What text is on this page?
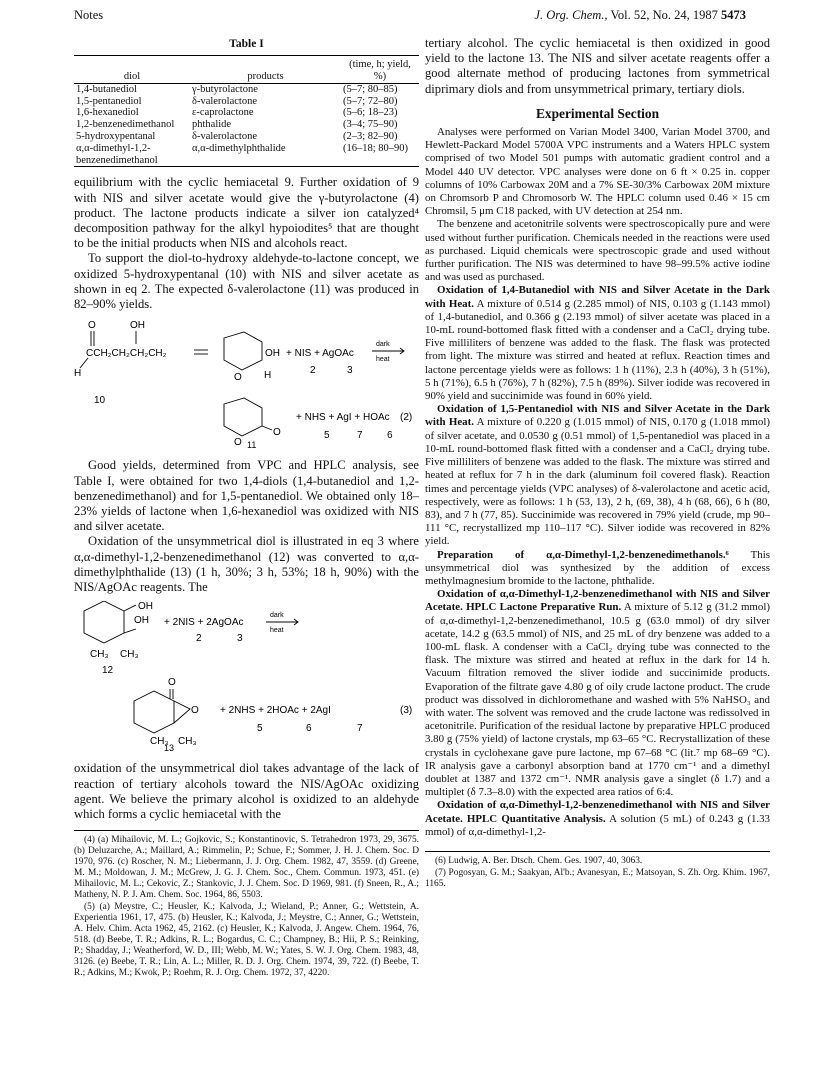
Notes	J. Org. Chem., Vol. 52, No. 24, 1987 5473
Table I
diol	products	(time, h; yield, %)
1,4-butanediol	γ-butyrolactone	(5–7; 80–85)
1,5-pentanediol	δ-valerolactone	(5–7; 72–80)
1,6-hexanediol	ε-caprolactone	(5–6; 18–23)
1,2-benzenedimethanol	phthalide	(3–4; 75–90)
5-hydroxypentanal	δ-valerolactone	(2–3; 82–90)
α,α-dimethyl-1,2-benzenedimethanol	α,α-dimethylphthalide	(16–18; 80–90)

equilibrium with the cyclic hemiacetal 9. Further oxidation of 9 with NIS and silver acetate would give the γ-butyrolactone (4) product. The lactone products indicate a silver ion catalyzed⁴ decomposition pathway for the alkyl hypoiodites⁵ that are thought to be the initial products when NIS and alcohols react.

To support the diol-to-hydroxy aldehyde-to-lactone concept, we oxidized 5-hydroxypentanal (10) with NIS and silver acetate as shown in eq 2. The expected δ-valerolactone (11) was produced in 82–90% yields.

O	OH
CCH₂CH₂CH₂CH₂
H
10
O
OH
H
+ NIS + AgOAc
2	3
dark
heat
O
O
+ NHS + AgI + HOAc (2)
5	7 6
11

Good yields, determined from VPC and HPLC analysis, see Table I, were obtained for two 1,4-diols (1,4-butanediol and 1,2-benzenedimethanol) and for 1,5-pentanediol. We obtained only 18–23% yields of lactone when 1,6-hexanediol was oxidized with NIS and silver acetate.

Oxidation of the unsymmetrical diol is illustrated in eq 3 where α,α-dimethyl-1,2-benzenedimethanol (12) was converted to α,α-dimethylphthalide (13) (1 h, 30%; 3 h, 53%; 18 h, 90%) with the NIS/AgOAc reagents. The

OH
OH
CH₃ CH₃
12
+ 2NIS + 2AgOAc
2	3
dark
heat
O
O
CH₃ CH₃
+ 2NHS + 2HOAc + 2AgI	(3)
5	6	7
13

oxidation of the unsymmetrical diol takes advantage of the lack of reaction of tertiary alcohols toward the NIS/AgOAc oxidizing agent. We believe the primary alcohol is oxidized to an aldehyde which forms a cyclic hemiacetal with the

(4) (a) Mihailovic, M. L.; Gojkovic, S.; Konstantinovic, S. Tetrahedron 1973, 29, 3675. (b) Deluzarche, A.; Maillard, A.; Rimmelin, P.; Schue, F.; Sommer, J. H. J. Chem. Soc. D 1970, 976. (c) Roscher, N. M.; Liebermann, J. J. Org. Chem. 1982, 47, 3559. (d) Greene, M. M.; Moldowan, J. M.; McGrew, J. G. J. Chem. Soc., Chem. Commun. 1973, 451. (e) Mihailovic, M. L.; Cekovic, Z.; Stankovic, J. J. Chem. Soc. D 1969, 981. (f) Sneen, R., A.; Matheny, N. P. J. Am. Chem. Soc. 1964, 86, 5503.

(5) (a) Meystre, C.; Heusler, K.; Kalvoda, J.; Wieland, P.; Anner, G.; Wettstein, A. Experientia 1961, 17, 475. (b) Heusler, K.; Kalvoda, J.; Meystre, C.; Anner, G.; Wettstein, A. Helv. Chim. Acta 1962, 45, 2162. (c) Heusler, K.; Kalvoda, J. Angew. Chem. 1964, 76, 518. (d) Beebe, T. R.; Adkins, R. L.; Bogardus, C. C.; Champney, B.; Hii, P. S.; Reinking, P.; Shadday, J.; Weatherford, W. D., III; Webb, M. W.; Yates, S. W. J. Org. Chem. 1983, 48, 3126. (e) Beebe, T. R.; Lin, A. L.; Miller, R. D. J. Org. Chem. 1974, 39, 722. (f) Beebe, T. R.; Adkins, M.; Kwok, P.; Roehm, R. J. Org. Chem. 1972, 37, 4220.

tertiary alcohol. The cyclic hemiacetal is then oxidized in good yield to the lactone 13. The NIS and silver acetate reagents offer a good alternate method of producing lactones from symmetrical diprimary diols and from unsymmetrical primary, tertiary diols.

Experimental Section

Analyses were performed on Varian Model 3400, Varian Model 3700, and Hewlett-Packard Model 5700A VPC instruments and a Waters HPLC system comprised of two Model 501 pumps with automatic gradient control and a Model 440 UV detector. VPC analyses were done on 6 ft × 0.25 in. copper columns of 10% Carbowax 20M and a 7% SE-30/3% Carbowax 20M mixture on Chromsorb P and Chromosorb W. The HPLC column used 0.46 × 15 cm Chromsil, 5 μm C18 packed, with UV detection at 254 nm.

The benzene and acetonitrile solvents were spectroscopically pure and were used without further purification. Chemicals needed in the reactions were used as purchased. Liquid chemicals were spectroscopic grade and used without further purification. The NIS was determined to have 98–99.5% active iodine and was used as purchased.

Oxidation of 1,4-Butanediol with NIS and Silver Acetate in the Dark with Heat. A mixture of 0.514 g (2.285 mmol) of NIS, 0.103 g (1.143 mmol) of 1,4-butanediol, and 0.366 g (2.193 mmol) of silver acetate was placed in a 10-mL round-bottomed flask fitted with a condenser and a CaCl₂ drying tube. Five milliliters of benzene was added to the flask. The flask was protected from light. The mixture was stirred and heated at reflux. Reaction times and lactone percentage yields were as follows: 1 h (11%), 2.3 h (40%), 3 h (51%), 5 h (71%), 6.5 h (76%), 7 h (82%), 7.5 h (89%). Silver iodide was recovered in 90% yield and succinimide was found in 60% yield.

Oxidation of 1,5-Pentanediol with NIS and Silver Acetate in the Dark with Heat. A mixture of 0.220 g (1.015 mmol) of NIS, 0.170 g (1.018 mmol) of silver acetate, and 0.0530 g (0.51 mmol) of 1,5-pentanediol was placed in a 10-mL round-bottomed flask fitted with a condenser and a CaCl₂ drying tube. Five milliliters of benzene was added to the flask. The mixture was stirred and heated at reflux for 7 h in the dark (aluminum foil covered flask). Reaction times and percentage yields (VPC analyses) of δ-valerolactone and acetic acid, respectively, were as follows: 1 h (53, 13), 2 h, (69, 38), 4 h (68, 66), 6 h (80, 83), and 7 h (77, 85). Succinimide was recovered in 79% yield (crude, mp 90–111 °C, recrystallized mp 110–117 °C). Silver iodide was recovered in 82% yield.

Preparation of α,α-Dimethyl-1,2-benzenedimethanols.⁶ This unsymmetrical diol was synthesized by the addition of excess methylmagnesium bromide to the lactone, phthalide.

Oxidation of α,α-Dimethyl-1,2-benzenedimethanol with NIS and Silver Acetate. HPLC Lactone Preparative Run. A mixture of 5.12 g (31.2 mmol) of α,α-dimethyl-1,2-benzenedimethanol, 10.5 g (63.0 mmol) of dry silver acetate, 14.2 g (63.5 mmol) of NIS, and 25 mL of dry benzene was added to a 100-mL flask. A condenser with a CaCl₂ drying tube was connected to the flask. The mixture was stirred and heated at reflux in the dark for 14 h. Vacuum filtration removed the sliver iodide and succinimide products. Evaporation of the filtrate gave 4.80 g of oily crude lactone product. The crude product was dissolved in dichloromethane and washed with 5% NaHSO₃ and with water. The solvent was removed and the crude lactone was redissolved in acetonitrile. Purification of the residual lactone by preparative HPLC produced 3.80 g (75% yield) of lactone crystals, mp 63–65 °C. Recrystallization of these crystals in cyclohexane gave pure lactone, mp 67–68 °C (lit.⁷ mp 68–69 °C). IR analysis gave a carbonyl absorption band at 1770 cm⁻¹ and a dimethyl doublet at 1387 and 1372 cm⁻¹. NMR analysis gave a singlet (δ 1.7) and a multiplet (δ 7.3–8.0) with the expected area ratios of 6:4.

Oxidation of α,α-Dimethyl-1,2-benzenedimethanol with NIS and Silver Acetate. HPLC Quantitative Analysis. A solution (5 mL) of 0.243 g (1.33 mmol) of α,α-dimethyl-1,2-

(6) Ludwig, A. Ber. Dtsch. Chem. Ges. 1907, 40, 3063.

(7) Pogosyan, G. M.; Saakyan, Al'b.; Avanesyan, E.; Matsoyan, S. Zh. Org. Khim. 1967, 1165.
